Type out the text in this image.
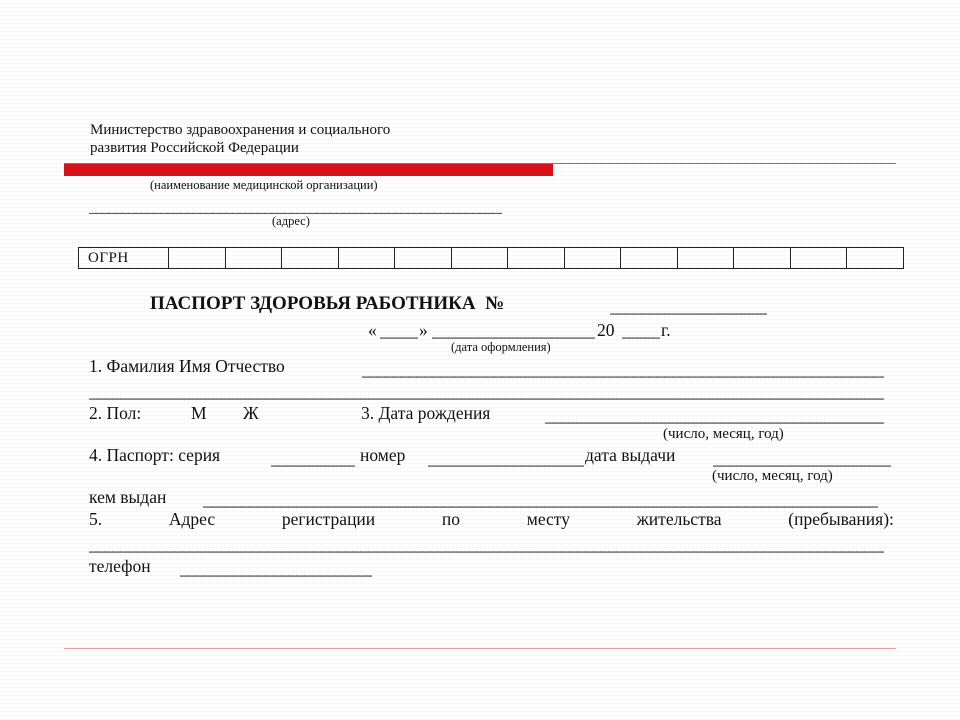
Министерство здравоохранения и социального
развития Российской Федерации
(наименование медицинской организации)
_____
(адрес)
ОГРН													
ПАСПОРТ ЗДОРОВЬЯ РАБОТНИКА  №
_____
« _____ » _____	20 _____	г.
(дата оформления)
1. Фамилия Имя Отчество
_____
_____
2. Пол:	М Ж	3. Дата рождения
_____
(число, месяц, год)
4. Паспорт: серия _____	номер _____	дата выдачи
_____
(число, месяц, год)
кем выдан
_____
5.	Адрес	регистрации	по	месту	жительства	(пребывания):
_____
телефон
_____
